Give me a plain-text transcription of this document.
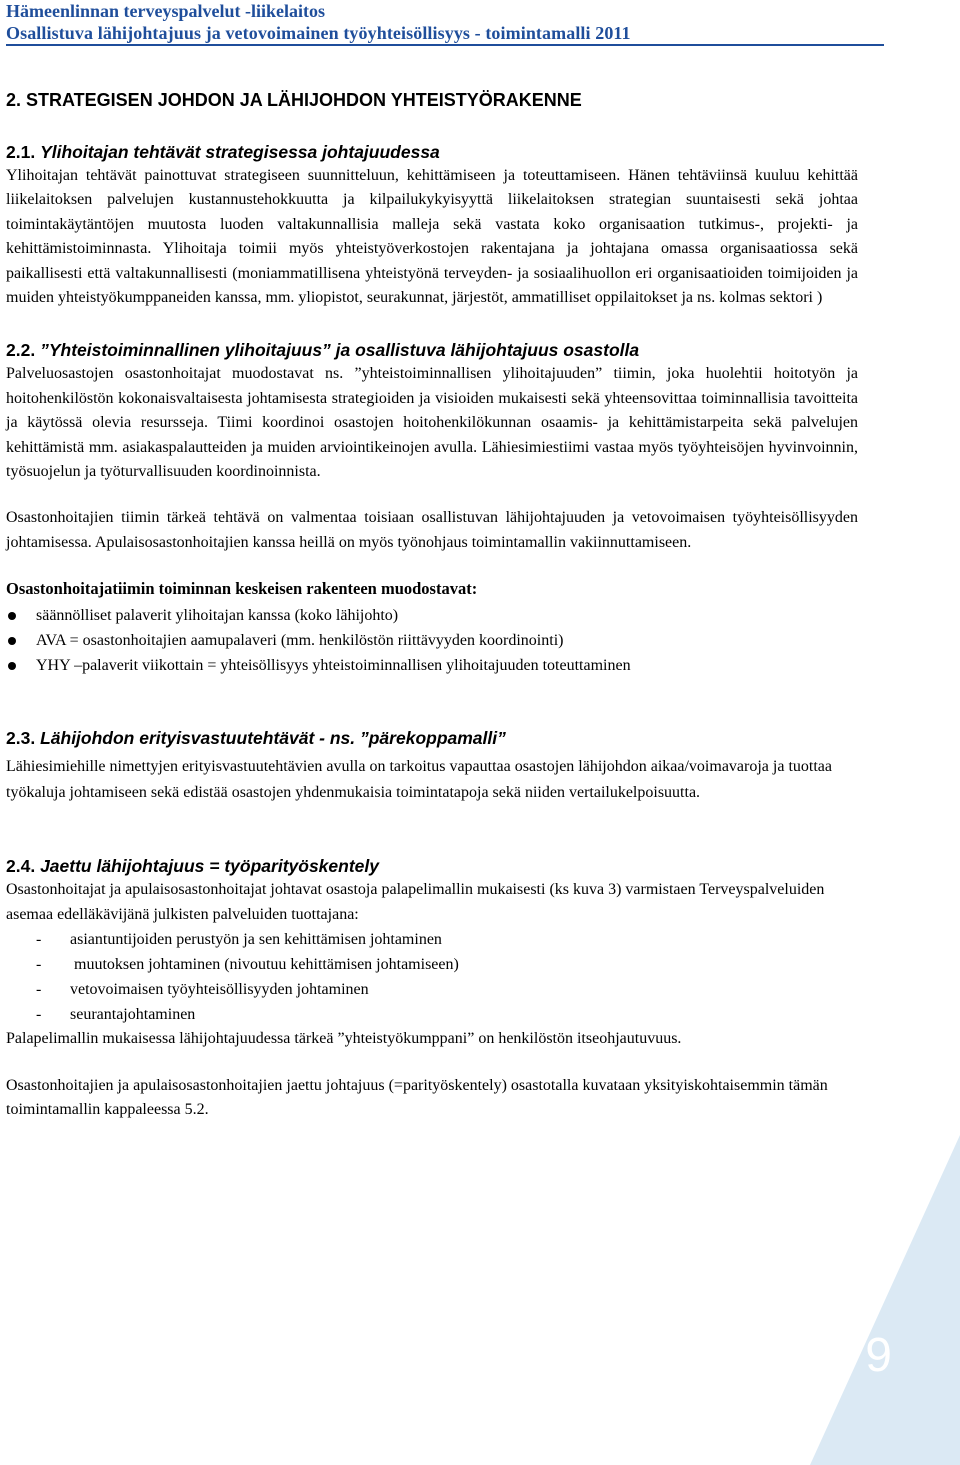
Hämeenlinnan terveyspalvelut -liikelaitos
Osallistuva lähijohtajuus ja vetovoimainen työyhteisöllisyys - toimintamalli 2011
2. STRATEGISEN JOHDON JA LÄHIJOHDON YHTEISTYÖRAKENNE
2.1. Ylihoitajan tehtävät strategisessa johtajuudessa

Ylihoitajan tehtävät painottuvat strategiseen suunnitteluun, kehittämiseen ja toteuttamiseen. Hänen tehtäviinsä kuuluu kehittää liikelaitoksen palvelujen kustannustehokkuutta ja kilpailukykyisyyttä liikelaitoksen strategian suuntaisesti sekä johtaa toimintakäytäntöjen muutosta luoden valtakunnallisia malleja sekä vastata koko organisaation tutkimus-, projekti- ja kehittämistoiminnasta. Ylihoitaja toimii myös yhteistyöverkostojen rakentajana ja johtajana omassa organisaatiossa sekä paikallisesti että valtakunnallisesti (moniammatillisena yhteistyönä terveyden- ja sosiaalihuollon eri organisaatioiden toimijoiden ja muiden yhteistyökumppaneiden kanssa, mm. yliopistot, seurakunnat, järjestöt, ammatilliset oppilaitokset ja ns. kolmas sektori )

2.2. ”Yhteistoiminnallinen ylihoitajuus” ja osallistuva lähijohtajuus osastolla

Palveluosastojen osastonhoitajat muodostavat ns. ”yhteistoiminnallisen ylihoitajuuden” tiimin, joka huolehtii hoitotyön ja hoitohenkilöstön kokonaisvaltaisesta johtamisesta strategioiden ja visioiden mukaisesti sekä yhteensovittaa toiminnallisia tavoitteita ja käytössä olevia resursseja. Tiimi koordinoi osastojen hoitohenkilökunnan osaamis- ja kehittämistarpeita sekä palvelujen kehittämistä mm. asiakaspalautteiden ja muiden arviointikeinojen avulla. Lähiesimiestiimi vastaa myös työyhteisöjen hyvinvoinnin, työsuojelun ja työturvallisuuden koordinoinnista.

Osastonhoitajien tiimin tärkeä tehtävä on valmentaa toisiaan osallistuvan lähijohtajuuden ja vetovoimaisen työyhteisöllisyyden johtamisessa. Apulaisosastonhoitajien kanssa heillä on myös työnohjaus toimintamallin vakiinnuttamiseen.

Osastonhoitajatiimin toiminnan keskeisen rakenteen muodostavat:

säännölliset palaverit ylihoitajan kanssa (koko lähijohto)
AVA = osastonhoitajien aamupalaveri (mm. henkilöstön riittävyyden koordinointi)
YHY –palaverit viikottain = yhteisöllisyys yhteistoiminnallisen ylihoitajuuden toteuttaminen
2.3. Lähijohdon erityisvastuutehtävät - ns. ”pärekoppamalli”

Lähiesimiehille nimettyjen erityisvastuutehtävien avulla on tarkoitus vapauttaa osastojen lähijohdon aikaa/voimavaroja ja tuottaa työkaluja johtamiseen sekä edistää osastojen yhdenmukaisia toimintatapoja sekä niiden vertailukelpoisuutta.

2.4. Jaettu lähijohtajuus = työparityöskentely

Osastonhoitajat ja apulaisosastonhoitajat johtavat osastoja palapelimallin mukaisesti (ks kuva 3) varmistaen Terveyspalveluiden asemaa edelläkävijänä julkisten palveluiden tuottajana:

- asiantuntijoiden perustyön ja sen kehittämisen johtaminen
- muutoksen johtaminen (nivoutuu kehittämisen johtamiseen)
- vetovoimaisen työyhteisöllisyyden johtaminen
- seurantajohtaminen

Palapelimallin mukaisessa lähijohtajuudessa tärkeä ”yhteistyökumppani” on henkilöstön itseohjautuvuus.

Osastonhoitajien ja apulaisosastonhoitajien jaettu johtajuus (=parityöskentely) osastotalla kuvataan yksityiskohtaisemmin tämän toimintamallin kappaleessa 5.2.

9
